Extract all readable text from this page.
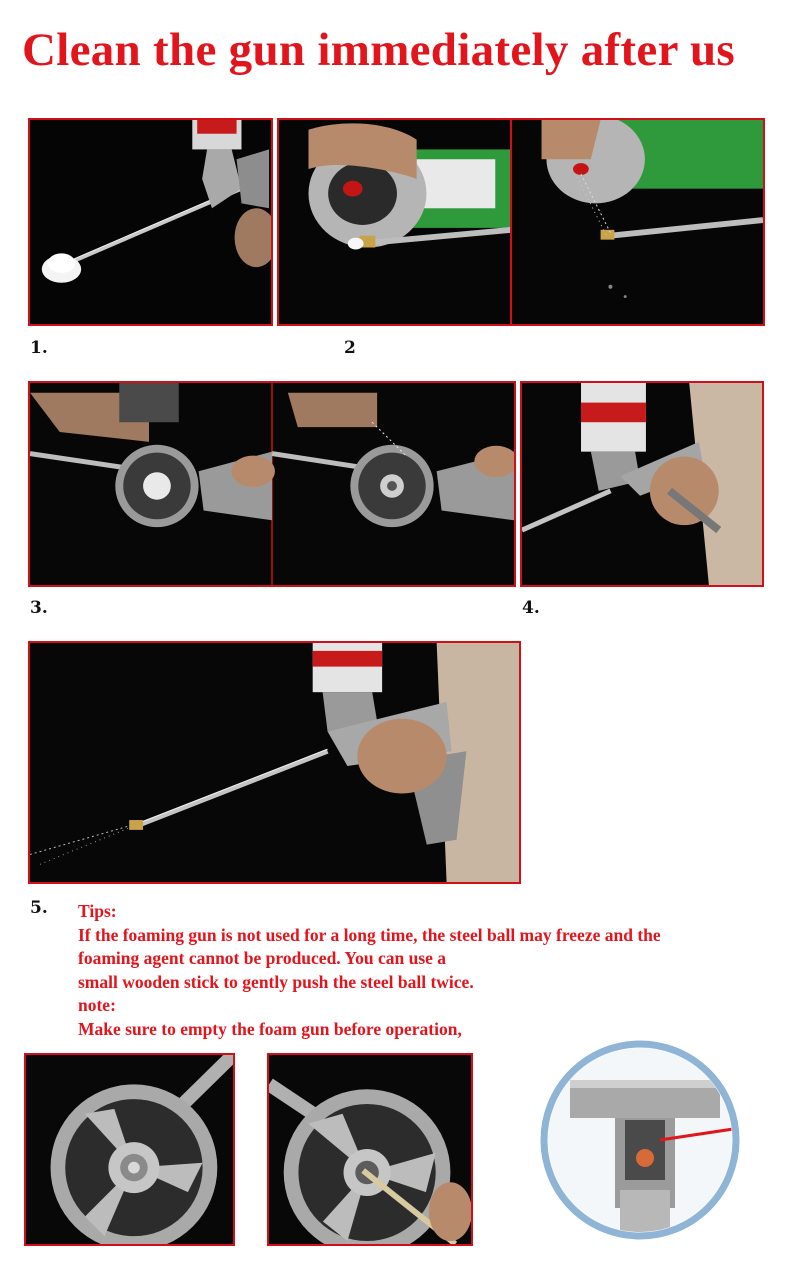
Clean the gun immediately after us
1.	2
3.	4.
5. Tips:
If the foaming gun is not used for a long time, the steel ball may freeze and the
foaming agent cannot be produced. You can use a
small wooden stick to gently push the steel ball twice.
note:
Make sure to empty the foam gun before operation,
